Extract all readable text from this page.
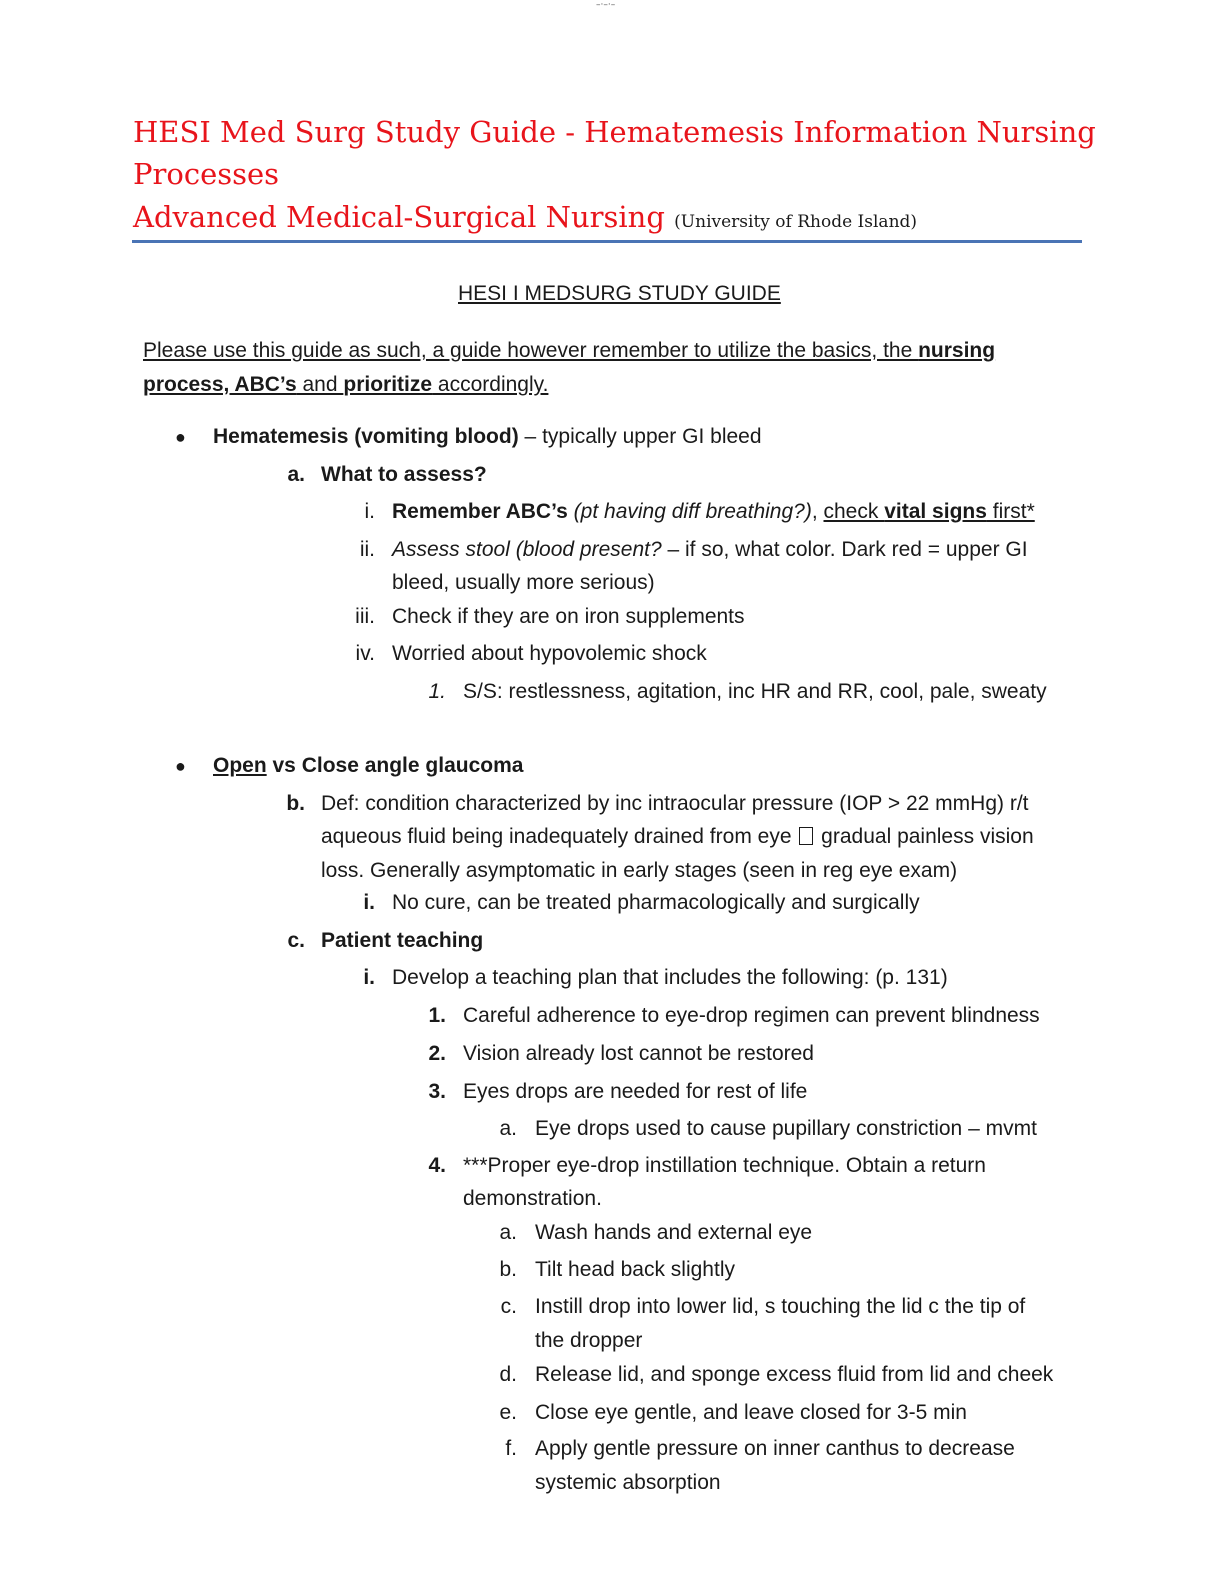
–·–·–
HESI Med Surg Study Guide - Hematemesis Information Nursing
Processes
Advanced Medical-Surgical Nursing (University of Rhode Island)
HESI I MEDSURG STUDY GUIDE
Please use this guide as such, a guide however remember to utilize the basics, the nursing
process, ABC’s and prioritize accordingly.
● Hematemesis (vomiting blood) – typically upper GI bleed
a. What to assess?
i. Remember ABC’s (pt having diff breathing?), check vital signs first*
ii. Assess stool (blood present? – if so, what color. Dark red = upper GI
bleed, usually more serious)
iii. Check if they are on iron supplements
iv. Worried about hypovolemic shock
1. S/S: restlessness, agitation, inc HR and RR, cool, pale, sweaty
● Open vs Close angle glaucoma
b. Def: condition characterized by inc intraocular pressure (IOP > 22 mmHg) r/t
aqueous fluid being inadequately drained from eye  gradual painless vision
loss. Generally asymptomatic in early stages (seen in reg eye exam)
i. No cure, can be treated pharmacologically and surgically
c. Patient teaching
i. Develop a teaching plan that includes the following: (p. 131)
1. Careful adherence to eye-drop regimen can prevent blindness
2. Vision already lost cannot be restored
3. Eyes drops are needed for rest of life
a. Eye drops used to cause pupillary constriction – mvmt
4. ***Proper eye-drop instillation technique. Obtain a return
demonstration.
a. Wash hands and external eye
b. Tilt head back slightly
c. Instill drop into lower lid, s touching the lid c the tip of
the dropper
d. Release lid, and sponge excess fluid from lid and cheek
e. Close eye gentle, and leave closed for 3-5 min
f. Apply gentle pressure on inner canthus to decrease
systemic absorption
